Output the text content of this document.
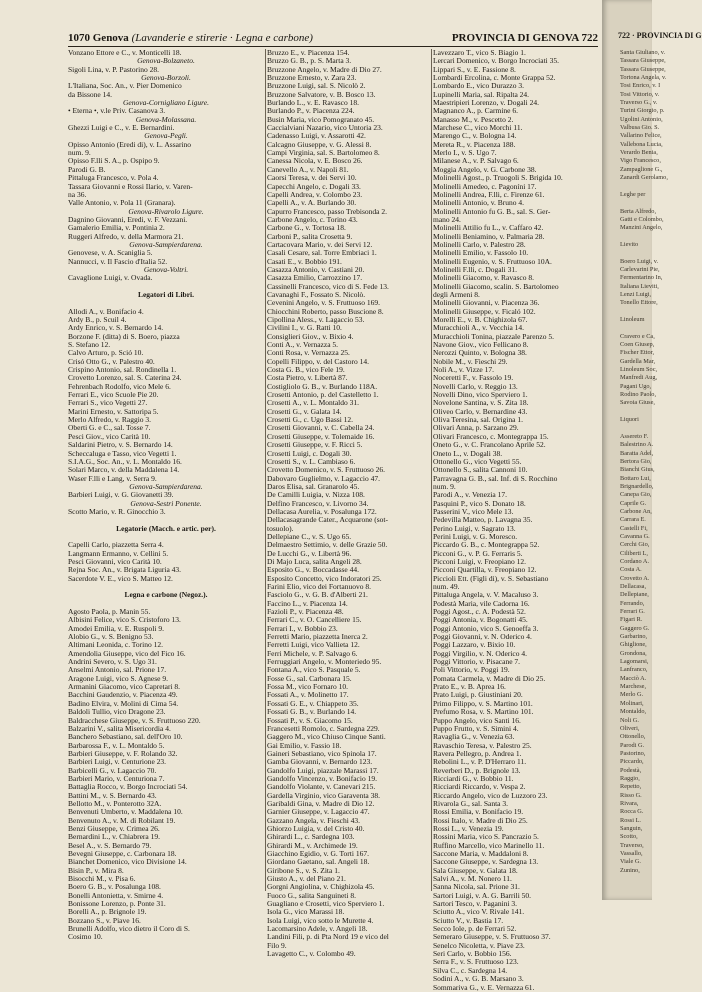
1070 Genova (Lavanderie e stirerie · Legna e carbone)	PROVINCIA DI GENOVA 722
Vonzano Ettore e C., v. Monticelli 18.
Genova-Bolzaneto.
Sigoli Lina, v. P. Pastorino 28.
Genova-Borzoli.
L'Italiana, Soc. An., v. Pier Domenico
da Bissone 14.
Genova-Cornigliano Ligure.
• Eterna •, v.le Priv. Casanova 3.
Genova-Molassana.
Ghezzi Luigi e C., v. E. Bernardini.
Genova-Pegli.
Opisso Antonio (Eredi di), v. L. Assarino
num. 9.
Opisso F.lli S. A., p. Ospipo 9.
Parodi G. B.
Pittaluga Francesco, v. Pola 4.
Tassara Giovanni e Rossi Ilario, v. Varen-
na 36.
Valle Antonio, v. Pola 11 (Granara).
Genova-Rivarolo Ligure.
Dagnino Giovanni, Eredi, v. F. Vezzani.
Gamalerio Emilia, v. Pontinia 2.
Ruggeri Alfredo, v. della Marmora 21.
Genova-Sampierdarena.
Genovese, v. A. Scaniglia 5.
Nannucci, v. Il Fascio d'Italia 52.
Genova-Voltri.
Cavaglione Luigi, v. Ovada.

Legatori di Libri.

Allodi A., v. Bonifacio 4.
Ardy B., p. Scuil 4.
Ardy Enrico, v. S. Bernardo 14.
Borzone F. (ditta) di S. Boero, piazza
S. Stefano 12.
Calvo Arturo, p. Sció 10.
Crisó Otto G., v. Palestro 40.
Crispino Antonio, sal. Rondinella 1.
Crovetto Lorenzo, sal. S. Caterina 24.
Fehrenbach Rodolfo, vico Mele 6.
Ferrari E., vico Scuole Pie 20.
Ferrari S., vico Vegetti 27.
Marini Ernesto, v. Sattoripa 5.
Merlo Alfredo, v. Raggio 3.
Oberti G. e C., sal. Tosse 7.
Pesci Giov., vico Carità 10.
Saldarini Pietro, v. S. Bernardo 14.
Scheccaluga e Tasso, vico Vegetti 1.
S.I.A.G., Soc. An., v. L. Montaldo 16.
Solari Marco, v. della Maddalena 14.
Waser F.lli e Lang, v. Serra 9.
Genova-Sampierdarena.
Barbieri Luigi, v. G. Giovanetti 39.
Genova-Sestri Ponente.
Scotto Mario, v. R. Ginocchio 3.

Legatorie (Macch. e artic. per).

Capelli Carlo, piazzetta Serra 4.
Langmann Ermanno, v. Cellini 5.
Pesci Giovanni, vico Carità 10.
Rejna Soc. An., v. Brigata Liguria 43.
Sacerdote V. E., vico S. Matteo 12.

Legna e carbone (Negoz.).

Agosto Paola, p. Manin 55.
Albisini Felice, vico S. Cristoforo 13.
Amodei Emilia, v. E. Ruspoli 9.
Alobio G., v. S. Benigno 53.
Altimani Leonida, c. Torino 12.
Amendolia Giuseppe, vico del Fico 16.
Andrini Severo, v. S. Ugo 31.
Anselmi Antonio, sal. Prione 17.
Aragone Luigi, vico S. Agnese 9.
Armanini Giacomo, vico Capretari 8.
Bacchini Gaudenzio, v. Piacenza 49.
Badino Elvira, v. Molini di Cima 54.
Baldoli Tullio, vico Dragone 23.
Baldracchese Giuseppe, v. S. Fruttuoso 220.
Balzarini V., salita Misericordia 4.
Banchero Sebastiano, sal. dell'Oro 10.
Barbarossa F., v. L. Montaldo 5.
Barbieri Giuseppe, v. F. Rolando 32.
Barbieri Luigi, v. Centurione 23.
Barbicelli G., v. Lagaccio 70.
Barbieri Mario, v. Centuriona 7.
Battaglia Rocco, v. Borgo Incrociati 54.
Battini M., v. S. Bernardo 43.
Bellotto M., v. Ponterotto 32A.
Benvenuti Umberto, v. Maddalena 10.
Benvenuto A., v. M. di Robilant 19.
Benzi Giuseppe, v. Crimea 26.
Bernardini L., v. Chiabrera 19.
Besel A., v. S. Bernardo 79.
Bevegni Giuseppe, c. Carbonara 18.
Bianchet Domenico, vico Divisione 14.
Bisin P., v. Mira 8.
Bisocchi M., v. Pisa 6.
Boero G. B., v. Posalunga 108.
Bonelli Antonietta, v. Smirne 4.
Bonissone Lorenzo, p. Ponte 31.
Borelli A., p. Brignole 19.
Bozzano S., v. Piave 16.
Brunelli Adolfo, vico dietro il Coro di S.
Cosimo 10.
Bruzzo E., v. Piacenza 154.
Bruzzo G. B., p. S. Marta 3.
Bruzzone Angelo, v. Madre di Dio 27.
Bruzzone Ernesto, v. Zara 23.
Bruzzone Luigi, sal. S. Nicolò 2.
Bruzzone Salvatore, v. B. Bosco 13.
Burlando L., v. E. Ravasco 18.
Burlando P., v. Piacenza 224.
Busin Maria, vico Pomogranato 45.
Caccialviani Nazario, vico Untoria 23.
Cadenasso Luigi, v. Assarotti 42.
Calcagno Giuseppe, v. G. Alessi 8.
Campi Virginia, sal. S. Bartolomeo 8.
Canessa Nicola, v. E. Bosco 26.
Canevello A., v. Napoli 81.
Caorsi Teresa, v. dei Servi 10.
Capecchi Angelo, c. Dogali 33.
Capelli Andrea, v. Colombo 23.
Capelli A., v. A. Burlando 30.
Capurro Francesco, passo Trebisonda 2.
Carbone Angelo, c. Torino 43.
Carbone G., v. Tortosa 18.
Carboni P., salita Crosetta 9.
Cartacovara Mario, v. dei Servi 12.
Casali Cesare, sal. Torre Embriaci 1.
Casati E., v. Bobbio 191.
Casazza Antonio, v. Castiani 20.
Casazza Emilio, Carrozzino 17.
Cassinelli Francesco, vico di S. Fede 13.
Cavanaghi F., Fossato S. Nicolò.
Cevenini Angelo, v. S. Fruttuoso 169.
Chiocchini Roberto, passo Buscione 8.
Cipollina Aless., v. Lagaccio 53.
Civilini I., v. G. Ratti 10.
Consiglieri Giov., v. Bixio 4.
Conti A., v. Vernazza 5.
Conti Rosa, v. Vernazza 25.
Copelli Filippo, v. del Castoro 14.
Costa G. B., vico Fele 19.
Costa Pietro, v. Libertà 87.
Costigliolo G. B., v. Burlando 118A.
Crosetti Antonio, p. del Castelletto 1.
Crosetti A., v. L. Montaldo 31.
Crosetti G., v. Galata 14.
Crosetti G., c. Ugo Bassi 12.
Crosetti Giovanni, v. C. Cabella 24.
Crosetti Giuseppe, v. Tolemaide 16.
Crosetti Giuseppe, v. F. Ricci 5.
Crosetti Luigi, c. Dogali 30.
Crosetti S., v. L. Cambiaso 6.
Crovetto Domenico, v. S. Fruttuoso 26.
Dabovaro Guglielmo, v. Lagaccio 47.
Daros Elisa, sal. Granarolo 45.
De Camilli Luigia, v. Nizza 108.
Delfino Francesco, v. Livorno 34.
Dellacasa Aurelia, v. Posalunga 172.
Dellacasagrande Cater., Acquarone (sot-
tosuolo).
Dellepiane C., v. S. Ugo 65.
Delmaestro Settimio, v. delle Grazie 50.
De Lucchi G., v. Libertà 96.
Di Majo Luca, salita Angeli 28.
Esposito G., v. Boccadasse 44.
Esposito Concetto, vico Indoratori 25.
Farini Elio, vico dei Fortanuovo 8.
Fasciolo G., v. G. B. d'Alberti 21.
Faccino L., v. Piacenza 14.
Fazioli P., v. Piacenza 48.
Ferrari C., v. O. Cancelliere 15.
Ferrari I., v. Bobbio 23.
Ferretti Mario, piazzetta Inerca 2.
Ferretti Luigi, vico Vallieta 12.
Ferri Michele, v. P. Salvago 6.
Ferruggiari Angelo, v. Monteriedo 95.
Fontana A., vico S. Pasquale 5.
Fosse G., sal. Carbonara 15.
Fossa M., vico Fornaro 10.
Fossati A., v. Molinetto 17.
Fossati G. E., v. Chiappeto 35.
Fossati G. B., v. Burlando 14.
Fossati P., v. S. Giacomo 15.
Francesetti Romolo, c. Sardegna 229.
Gaggero M., vico Chiuso Cinque Santi.
Gai Emilio, v. Fassio 18.
Gaineri Sebastiano, vico Spinola 17.
Gamba Giovanni, v. Bernardo 123.
Gandolfo Luigi, piazzale Marassi 17.
Gandolfo Vincenzo, v. Bonifacio 19.
Gandolfo Violante, v. Canevari 215.
Gardella Virginio, vico Garaventa 38.
Garibaldi Gina, v. Madre di Dio 12.
Garnier Giuseppe, v. Lagaccio 47.
Gazzano Angela, v. Fieschi 43.
Ghiorzo Luigia, v. del Cristo 40.
Ghirardi L., c. Sardegna 103.
Ghirardi M., v. Archimede 19.
Giacchino Egidio, v. G. Torti 167.
Giordano Gaetano, sal. Angeli 18.
Giribone S., v. S. Zita 1.
Giusto A., v. del Piano 21.
Gorgni Angiolina, v. Chighizola 45.
Fuoco G., salita Sanguineti 8.
Guagliano e Crosetti, vico Sperviero 1.
Isola G., vico Marassi 18.
Isola Luigi, vico sotto le Murette 4.
Lacomarsino Adele, v. Angeli 18.
Landini Fili, p. di Pta Nord 19 e vico del
Filo 9.
Lavagetto C., v. Colombo 49.
Lavezzaro T., vico S. Biagio 1.
Lercari Domenico, v. Borgo Incrociati 35.
Lippari S., v. E. Fassione 8.
Lombardi Ercolina, c. Monte Grappa 52.
Lombardo E., vico Durazzo 3.
Lupinelli Maria, sal. Ripalta 24.
Maestripieri Lorenzo, v. Dogali 24.
Magnanco A., p. Carmine 6.
Manasso M., v. Pescetto 2.
Marchese C., vico Morchi 11.
Marengo C., v. Bologna 14.
Mereta R., v. Piacenza 188.
Merlo I., v. S. Ugo 7.
Milanese A., v. P. Salvago 6.
Moggia Angelo, v. G. Carbone 38.
Molinelli Agost., p. Truogoli S. Brigida 10.
Molinelli Amedeo, c. Pagoníni 17.
Molinelli Andrea, F.lli, c. Firenze 61.
Molinelli Antonio, v. Bruno 4.
Molinelli Antonio fu G. B., sal. S. Ger-
mano 24.
Molinelli Attilio fu L., v. Caffaro 42.
Molinelli Beniamino, v. Palmaria 28.
Molinelli Carlo, v. Palestro 28.
Molinelli Emilio, v. Fassolo 10.
Molinelli Eugenio, v. S. Fruttuoso 10A.
Molinelli F.lli, c. Dogali 31.
Molinelli Giacomo, v. Ravasco 8.
Molinelli Giacomo, scalin. S. Bartolomeo
degli Armeni 8.
Molinelli Giovanni, v. Piacenza 36.
Molinelli Giuseppe, v. Ficaló 102.
Morelli E., v. B. Chighizola 67.
Muracchioli A., v. Vecchia 14.
Muracchioli Tonina, piazzale Parenzo 5.
Navone Giov., vico Fellicano 8.
Nerozzi Quinto, v. Bologna 38.
Nobile M., v. Fieschi 29.
Noli A., v. Vizze 17.
Noceretti F., v. Fassolo 19.
Novelli Carlo, v. Reggio 13.
Novelli Dino, vico Sperviero 1.
Novelone Santina, v. S. Zita 18.
Oliveo Carlo, v. Bernardine 43.
Oliva Teresina, sal. Origina 1.
Olivari Anna, p. Sarzano 29.
Olivari Francesco, c. Montegrappa 15.
Oneto G., v. C. Francolano Aprile 52.
Oneto L., v. Dogali 38.
Ottonello G., vico Vegetti 55.
Ottonello S., salita Cannoni 10.
Parravagna G. B., sal. Inf. di S. Rocchino
num. 9.
Parodi A., v. Venezia 17.
Pasquini P., vico S. Donato 18.
Passerini V., vico Mele 13.
Pedevilla Matteo, p. Lavagna 35.
Perino Luigi, v. Sagrato 13.
Perini Luigi, v. G. Moresco.
Piccardo G. B., c. Montegrappa 52.
Picconi G., v. P. G. Ferraris 5.
Picconi Luigi, v. Freopiano 12.
Picconi Quartilla, v. Freopiano 12.
Piccioli Ett. (Figli di), v. S. Sebastiano
num. 49.
Pittaluga Angela, v. V. Macaluso 3.
Podestà Maria, vile Cadorna 16.
Poggi Agost., c. A. Podestà 52.
Poggi Antonia, v. Bogonatti 45.
Poggi Antonio, vico S. Genoeffa 3.
Poggi Giovanni, v. N. Oderico 4.
Poggi Lazzaro, v. Bixio 10.
Poggi Virgilio, v. N. Oderico 4.
Poggi Vittorio, v. Pisacane 7.
Poli Vittorio, v. Poggi 19.
Pomata Carmela, v. Madre di Dio 25.
Prato E., v. B. Aprea 16.
Prato Luigi, p. Giustiniani 20.
Primo Filippo, v. S. Martino 101.
Prefumo Rosa, v. S. Martino 101.
Puppo Angelo, vico Santi 16.
Puppo Frutto, v. S. Simini 4.
Ravaglia G., v. Venezia 63.
Ravaschio Teresa, v. Palestro 25.
Ravera Pellegro, p. Andrea 1.
Rebolini L., v. P. D'Herraro 11.
Reverberi D., p. Brignole 13.
Ricciardi G., v. Bobbio 11.
Ricciardi Riccardo, v. Vespa 2.
Riccardo Angelo, vico de Luzzoro 23.
Rivarola G., sal. Santa 3.
Rossi Emilia, v. Bonifacio 19.
Rossi Italo, v. Madre di Dio 25.
Rossi L., v. Venezia 19.
Rossini Maria, vico S. Pancrazio 5.
Ruffino Marcello, vico Marinello 11.
Saccone Maria, v. Maddaloni 8.
Saccone Giuseppe, v. Sardegna 13.
Sala Giuseppe, v. Galata 18.
Salvi A., v. M. Nonero 11.
Sanna Nicola, sal. Prione 31.
Sartori Luigi, v. A. G. Barrili 50.
Sartori Tesco, v. Paganini 3.
Sciutto A., vico V. Rivale 141.
Sciutto V., v. Bastia 17.
Secco Iole, p. de Ferrari 52.
Semeraro Giuseppe, v. S. Fruttuoso 37.
Senelco Nicoletta, v. Piave 23.
Seri Carlo, v. Bobbio 156.
Serra F., v. S. Fruttuoso 123.
Silva C., c. Sardegna 14.
Sodini A., v. G. B. Marsano 3.
Sommariva G., v. E. Vernazza 61.
722 · PROVINCIA DI G
Santa Giuliano, v.
Tassara Giuseppe,
Tassara Giuseppe,
Tortona Angela, v.
Tosi Enrico, v. I
Tosi Vittorio, v.
Traverso G., v.
Turini Giorgio, p.
Ugolini Antonio,
Valbusa Gio. S.
Vallarino Felice,
Vallebona Lucia,
Verardo Benia,
Vigo Francesco,
Zampaglione G.,
Zanardi Gerolamo,

Leghe per

Berta Alfredo,
Gatti e Colombo,
Manzini Angelo,

Lievito

Boero Luigi, v.
Carlevarini Pie,
Fermentarino In,
Italiana Lieviti,
Lenzi Luigi,
Tonello Ettore,

Linoleum

Cravero e Ca,
Coen Giusep,
Fischer Ettor,
Gardella Mar,
Linoleum Soc,
Manfredi Aug,
Pagani Ugo,
Rodino Paolo,
Savoia Giuse,

Liquori

Assereto F.
Balestrino A.
Baratta Adel,
Bertora Gio,
Bianchi Gius,
Bottaro Lui,
Brignardello,
Canepa Gio,
Caprile G.
Carbone An,
Carrara E.
Castelli Fi,
Cavanna G.
Cerchi Gio,
Ciliberti L,
Cordano A.
Costa A.
Crovetto A.
Dellacasa,
Dellepiane,
Ferrando,
Ferrari G.
Figari R.
Gaggero G.
Garbarino,
Ghiglione,
Grondona,
Lagomarsi,
Lanfranco,
Macciò A.
Marchese,
Merlo G.
Molinari,
Montaldo,
Noli G.
Oliveri,
Ottonello,
Parodi G.
Pastorino,
Piccardo,
Podestà,
Raggio,
Repetto,
Risso G.
Rivara,
Rocca G.
Rossi L.
Sanguin,
Scotto,
Traverso,
Vassallo,
Viale G.
Zunino,
